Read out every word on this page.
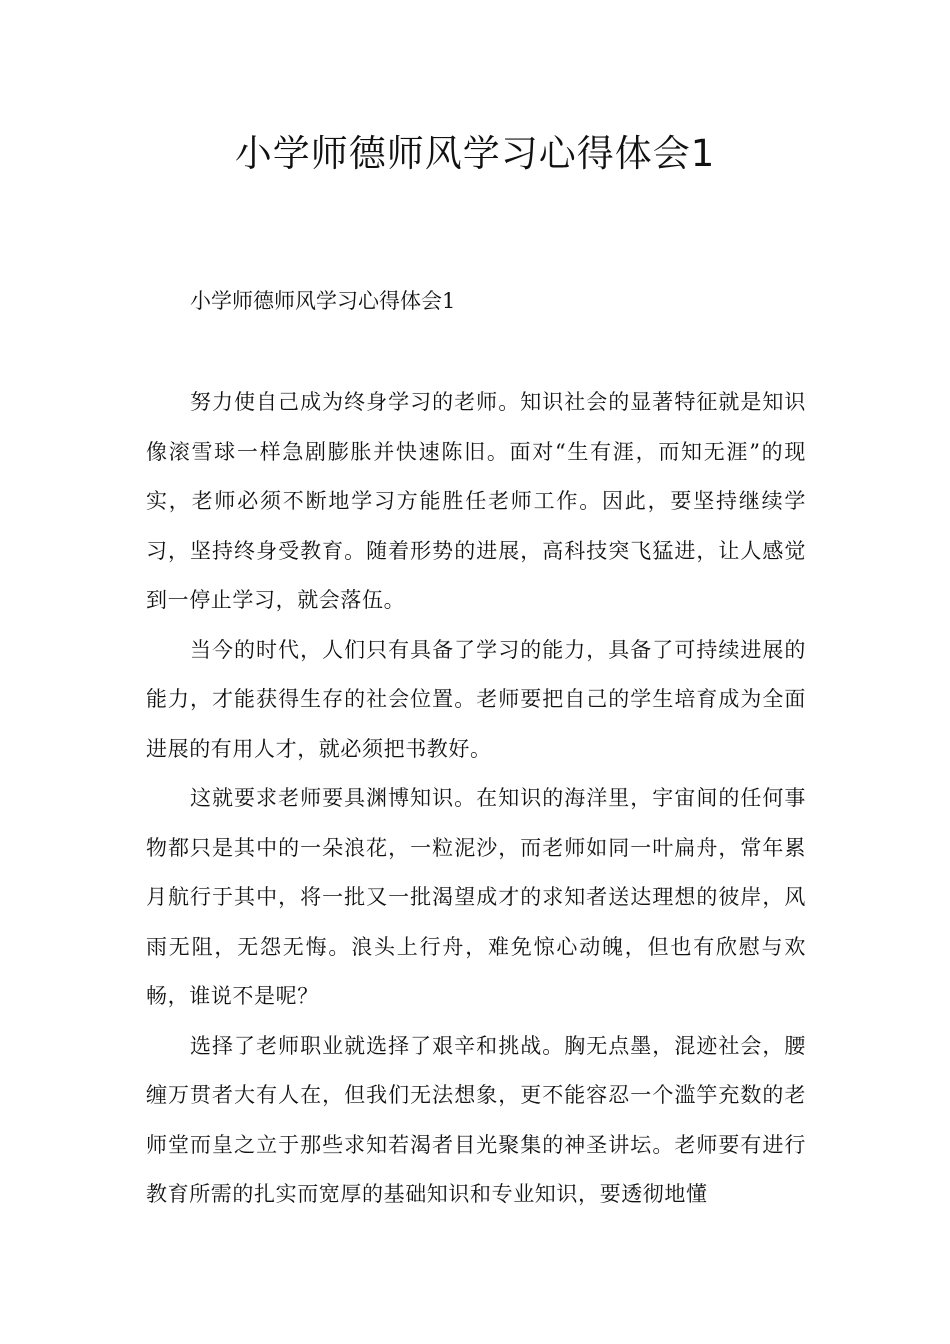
小学师德师风学习心得体会1
小学师德师风学习心得体会1

努力使自己成为终身学习的老师。知识社会的显著特征就是知识像滚雪球一样急剧膨胀并快速陈旧。面对“生有涯，而知无涯”的现实，老师必须不断地学习方能胜任老师工作。因此，要坚持继续学习，坚持终身受教育。随着形势的进展，高科技突飞猛进，让人感觉到一停止学习，就会落伍。

当今的时代，人们只有具备了学习的能力，具备了可持续进展的能力，才能获得生存的社会位置。老师要把自己的学生培育成为全面进展的有用人才，就必须把书教好。

这就要求老师要具渊博知识。在知识的海洋里，宇宙间的任何事物都只是其中的一朵浪花，一粒泥沙，而老师如同一叶扁舟，常年累月航行于其中，将一批又一批渴望成才的求知者送达理想的彼岸，风雨无阻，无怨无悔。浪头上行舟，难免惊心动魄，但也有欣慰与欢畅，谁说不是呢？

选择了老师职业就选择了艰辛和挑战。胸无点墨，混迹社会，腰缠万贯者大有人在，但我们无法想象，更不能容忍一个滥竽充数的老师堂而皇之立于那些求知若渴者目光聚集的神圣讲坛。老师要有进行教育所需的扎实而宽厚的基础知识和专业知识，要透彻地懂
